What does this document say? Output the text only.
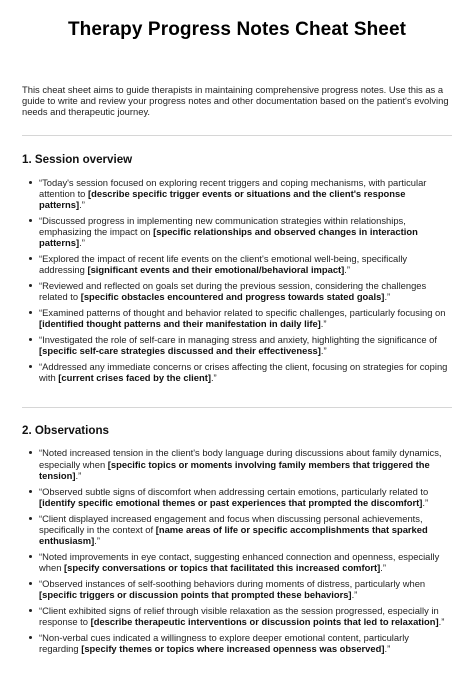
Therapy Progress Notes Cheat Sheet

This cheat sheet aims to guide therapists in maintaining comprehensive progress notes. Use this as a guide to write and review your progress notes and other documentation based on the patient's evolving needs and therapeutic journey.

1. Session overview
“Today's session focused on exploring recent triggers and coping mechanisms, with particular attention to [describe specific trigger events or situations and the client's response patterns].”
“Discussed progress in implementing new communication strategies within relationships, emphasizing the impact on [specific relationships and observed changes in interaction patterns].”
“Explored the impact of recent life events on the client's emotional well-being, specifically addressing [significant events and their emotional/behavioral impact].”
“Reviewed and reflected on goals set during the previous session, considering the challenges related to [specific obstacles encountered and progress towards stated goals].”
“Examined patterns of thought and behavior related to specific challenges, particularly focusing on [identified thought patterns and their manifestation in daily life].”
“Investigated the role of self-care in managing stress and anxiety, highlighting the significance of [specific self-care strategies discussed and their effectiveness].”
“Addressed any immediate concerns or crises affecting the client, focusing on strategies for coping with [current crises faced by the client].”
2. Observations
“Noted increased tension in the client's body language during discussions about family dynamics, especially when [specific topics or moments involving family members that triggered the tension].”
“Observed subtle signs of discomfort when addressing certain emotions, particularly related to [identify specific emotional themes or past experiences that prompted the discomfort].”
“Client displayed increased engagement and focus when discussing personal achievements, specifically in the context of [name areas of life or specific accomplishments that sparked enthusiasm].”
“Noted improvements in eye contact, suggesting enhanced connection and openness, especially when [specify conversations or topics that facilitated this increased comfort].”
“Observed instances of self-soothing behaviors during moments of distress, particularly when [specific triggers or discussion points that prompted these behaviors].”
“Client exhibited signs of relief through visible relaxation as the session progressed, especially in response to [describe therapeutic interventions or discussion points that led to relaxation].”
“Non-verbal cues indicated a willingness to explore deeper emotional content, particularly regarding [specify themes or topics where increased openness was observed].”
